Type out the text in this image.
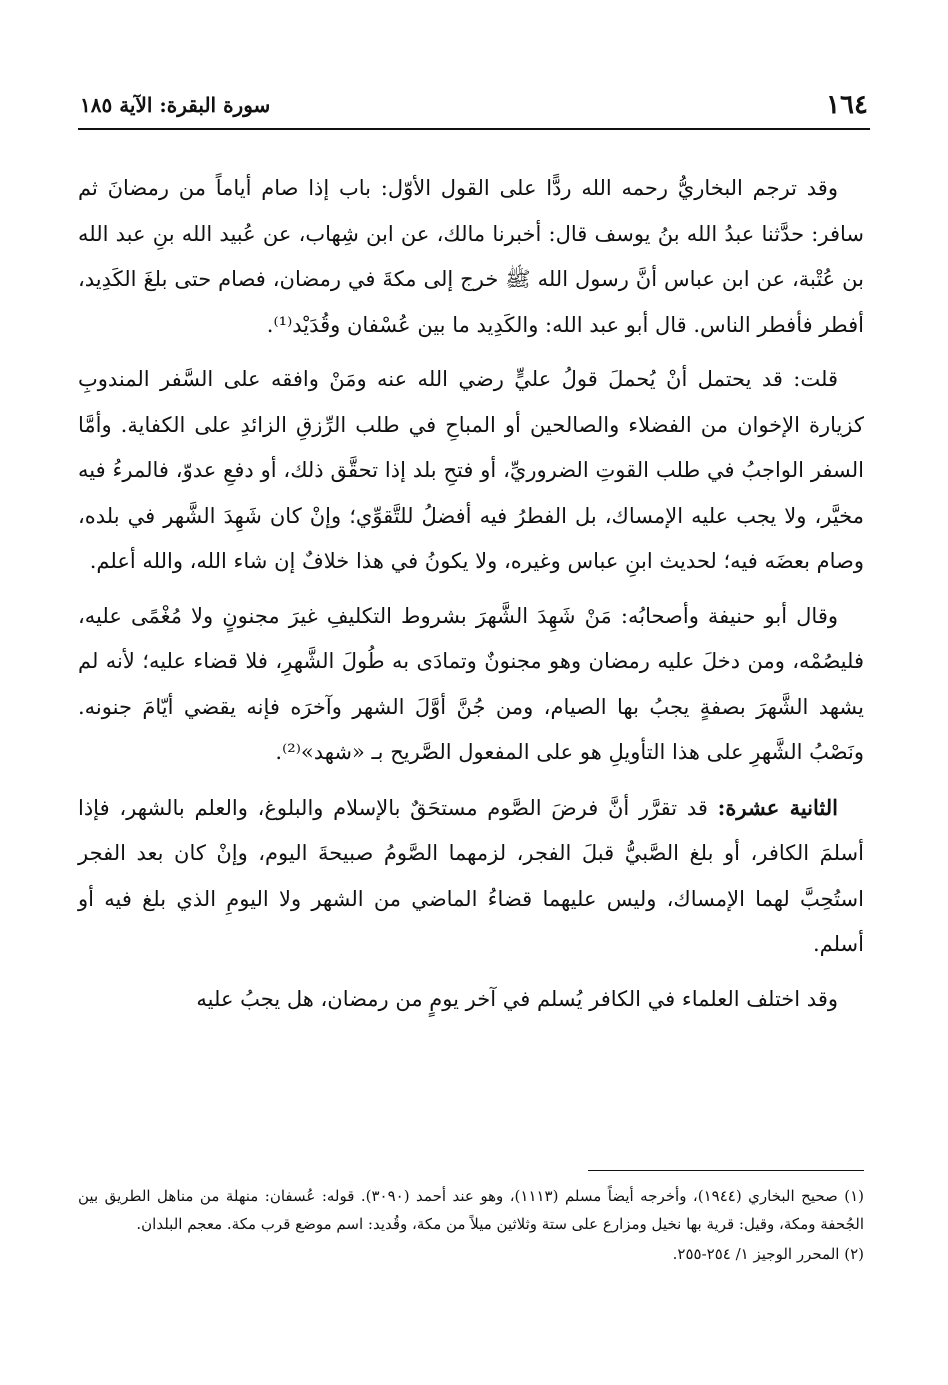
١٦٤
سورة البقرة: الآية ١٨٥

وقد ترجم البخاريُّ رحمه الله ردًّا على القول الأوّل: باب إذا صام أياماً من رمضانَ ثم سافر: حدَّثنا عبدُ الله بنُ يوسف قال: أخبرنا مالك، عن ابن شِهاب، عن عُبيد الله بنِ عبد الله بن عُتْبة، عن ابن عباس أنَّ رسول الله ﷺ خرج إلى مكةَ في رمضان، فصام حتى بلغَ الكَدِيد، أفطر فأفطر الناس. قال أبو عبد الله: والكَدِيد ما بين عُسْفان وقُدَيْد⁽¹⁾.

قلت: قد يحتمل أنْ يُحملَ قولُ عليٍّ رضي الله عنه ومَنْ وافقه على السَّفر المندوبِ كزيارة الإخوان من الفضلاء والصالحين أو المباحِ في طلب الرِّزقِ الزائدِ على الكفاية. وأمَّا السفر الواجبُ في طلب القوتِ الضروريِّ، أو فتحِ بلد إذا تحقَّق ذلك، أو دفعِ عدوّ، فالمرءُ فيه مخيَّر، ولا يجب عليه الإمساك، بل الفطرُ فيه أفضلُ للتَّقوِّي؛ وإنْ كان شَهِدَ الشَّهر في بلده، وصام بعضَه فيه؛ لحديث ابنِ عباس وغيره، ولا يكونُ في هذا خلافٌ إن شاء الله، والله أعلم.

وقال أبو حنيفة وأصحابُه: مَنْ شَهِدَ الشَّهرَ بشروط التكليفِ غيرَ مجنونٍ ولا مُغْمًى عليه، فليصُمْه، ومن دخلَ عليه رمضان وهو مجنونٌ وتمادَى به طُولَ الشَّهرِ، فلا قضاء عليه؛ لأنه لم يشهد الشَّهرَ بصفةٍ يجبُ بها الصيام، ومن جُنَّ أوَّلَ الشهر وآخرَه فإنه يقضي أيّامَ جنونه. ونَصْبُ الشَّهرِ على هذا التأويلِ هو على المفعول الصَّريح بـ «شهد»⁽²⁾.

الثانية عشرة: قد تقرَّر أنَّ فرضَ الصَّوم مستحَقٌ بالإسلام والبلوغ، والعلم بالشهر، فإذا أسلمَ الكافر، أو بلغ الصَّبيُّ قبلَ الفجر، لزمهما الصَّومُ صبيحةَ اليوم، وإنْ كان بعد الفجر استُحِبَّ لهما الإمساك، وليس عليهما قضاءُ الماضي من الشهر ولا اليومِ الذي بلغ فيه أو أسلم.

وقد اختلف العلماء في الكافر يُسلم في آخر يومٍ من رمضان، هل يجبُ عليه

(١) صحيح البخاري (١٩٤٤)، وأخرجه أيضاً مسلم (١١١٣)، وهو عند أحمد (٣٠٩٠). قوله: عُسفان: منهلة من مناهل الطريق بين الجُحفة ومكة، وقيل: قرية بها نخيل ومزارع على ستة وثلاثين ميلاً من مكة، وقُديد: اسم موضع قرب مكة. معجم البلدان.

(٢) المحرر الوجيز ١/ ٢٥٤-٢٥٥.
